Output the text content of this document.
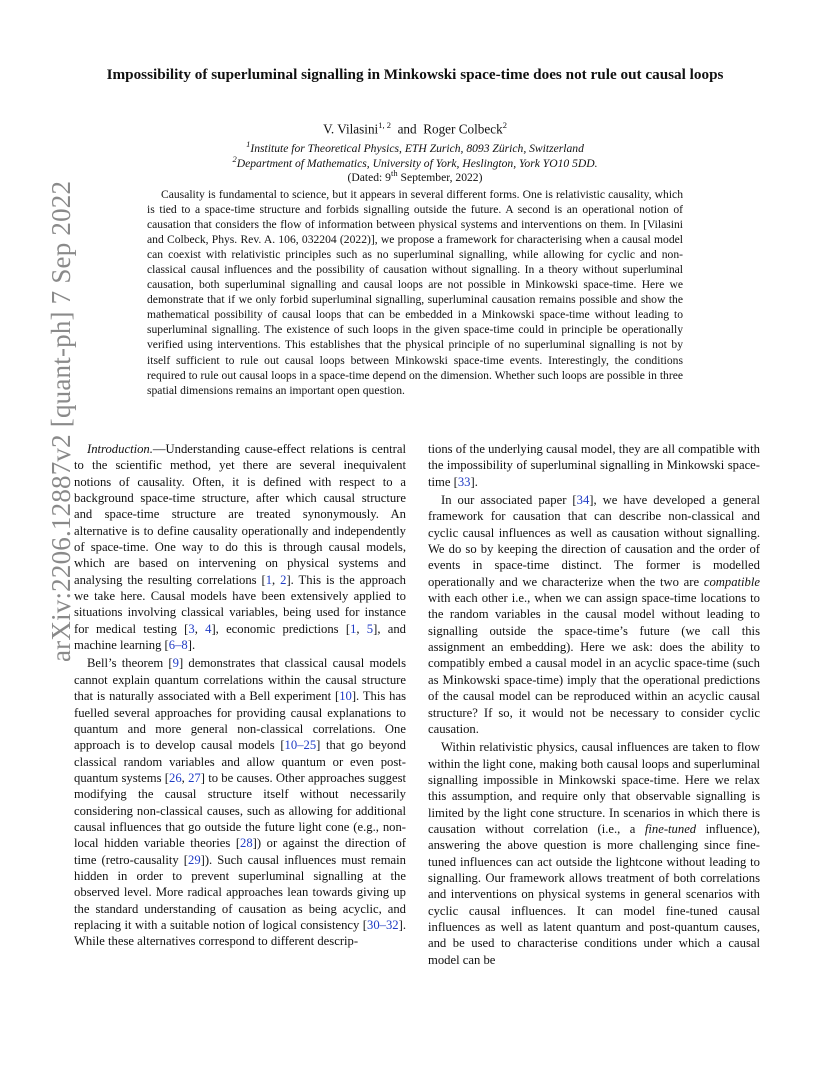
arXiv:2206.12887v2 [quant-ph] 7 Sep 2022
Impossibility of superluminal signalling in Minkowski space-time does not rule out causal loops
V. Vilasini$^{1, 2}$ and Roger Colbeck$^2$
$^1$Institute for Theoretical Physics, ETH Zurich, 8093 Zürich, Switzerland
$^2$Department of Mathematics, University of York, Heslington, York YO10 5DD.
(Dated: 9th September, 2022)

Causality is fundamental to science, but it appears in several different forms. One is relativistic causality, which is tied to a space-time structure and forbids signalling outside the future. A second is an operational notion of causation that considers the flow of information between physical systems and interventions on them. In [Vilasini and Colbeck, Phys. Rev. A. 106, 032204 (2022)], we propose a framework for characterising when a causal model can coexist with relativistic principles such as no superluminal signalling, while allowing for cyclic and non-classical causal influences and the possibility of causation without signalling. In a theory without superluminal causation, both superluminal signalling and causal loops are not possible in Minkowski space-time. Here we demonstrate that if we only forbid superluminal signalling, superluminal causation remains possible and show the mathematical possibility of causal loops that can be embedded in a Minkowski space-time without leading to superluminal signalling. The existence of such loops in the given space-time could in principle be operationally verified using interventions. This establishes that the physical principle of no superluminal signalling is not by itself sufficient to rule out causal loops between Minkowski space-time events. Interestingly, the conditions required to rule out causal loops in a space-time depend on the dimension. Whether such loops are possible in three spatial dimensions remains an important open question.

Introduction.—Understanding cause-effect relations is central to the scientific method, yet there are several inequivalent notions of causality. Often, it is defined with respect to a background space-time structure, after which causal structure and space-time structure are treated synonymously. An alternative is to define causality operationally and independently of space-time. One way to do this is through causal models, which are based on intervening on physical systems and analysing the resulting correlations [1, 2]. This is the approach we take here. Causal models have been extensively applied to situations involving classical variables, being used for instance for medical testing [3, 4], economic predictions [1, 5], and machine learning [6–8].

Bell’s theorem [9] demonstrates that classical causal models cannot explain quantum correlations within the causal structure that is naturally associated with a Bell experiment [10]. This has fuelled several approaches for providing causal explanations to quantum and more general non-classical correlations. One approach is to develop causal models [10–25] that go beyond classical random variables and allow quantum or even post-quantum systems [26, 27] to be causes. Other approaches suggest modifying the causal structure itself without necessarily considering non-classical causes, such as allowing for additional causal influences that go outside the future light cone (e.g., non-local hidden variable theories [28]) or against the direction of time (retro-causality [29]). Such causal influences must remain hidden in order to prevent superluminal signalling at the observed level. More radical approaches lean towards giving up the standard understanding of causation as being acyclic, and replacing it with a suitable notion of logical consistency [30–32]. While these alternatives correspond to different descrip-

tions of the underlying causal model, they are all compatible with the impossibility of superluminal signalling in Minkowski space-time [33].

In our associated paper [34], we have developed a general framework for causation that can describe non-classical and cyclic causal influences as well as causation without signalling. We do so by keeping the direction of causation and the order of events in space-time distinct. The former is modelled operationally and we characterize when the two are compatible with each other i.e., when we can assign space-time locations to the random variables in the causal model without leading to signalling outside the space-time’s future (we call this assignment an embedding). Here we ask: does the ability to compatibly embed a causal model in an acyclic space-time (such as Minkowski space-time) imply that the operational predictions of the causal model can be reproduced within an acyclic causal structure? If so, it would not be necessary to consider cyclic causation.

Within relativistic physics, causal influences are taken to flow within the light cone, making both causal loops and superluminal signalling impossible in Minkowski space-time. Here we relax this assumption, and require only that observable signalling is limited by the light cone structure. In scenarios in which there is causation without correlation (i.e., a fine-tuned influence), answering the above question is more challenging since fine-tuned influences can act outside the lightcone without leading to signalling. Our framework allows treatment of both correlations and interventions on physical systems in general scenarios with cyclic causal influences. It can model fine-tuned causal influences as well as latent quantum and post-quantum causes, and be used to characterise conditions under which a causal model can be
